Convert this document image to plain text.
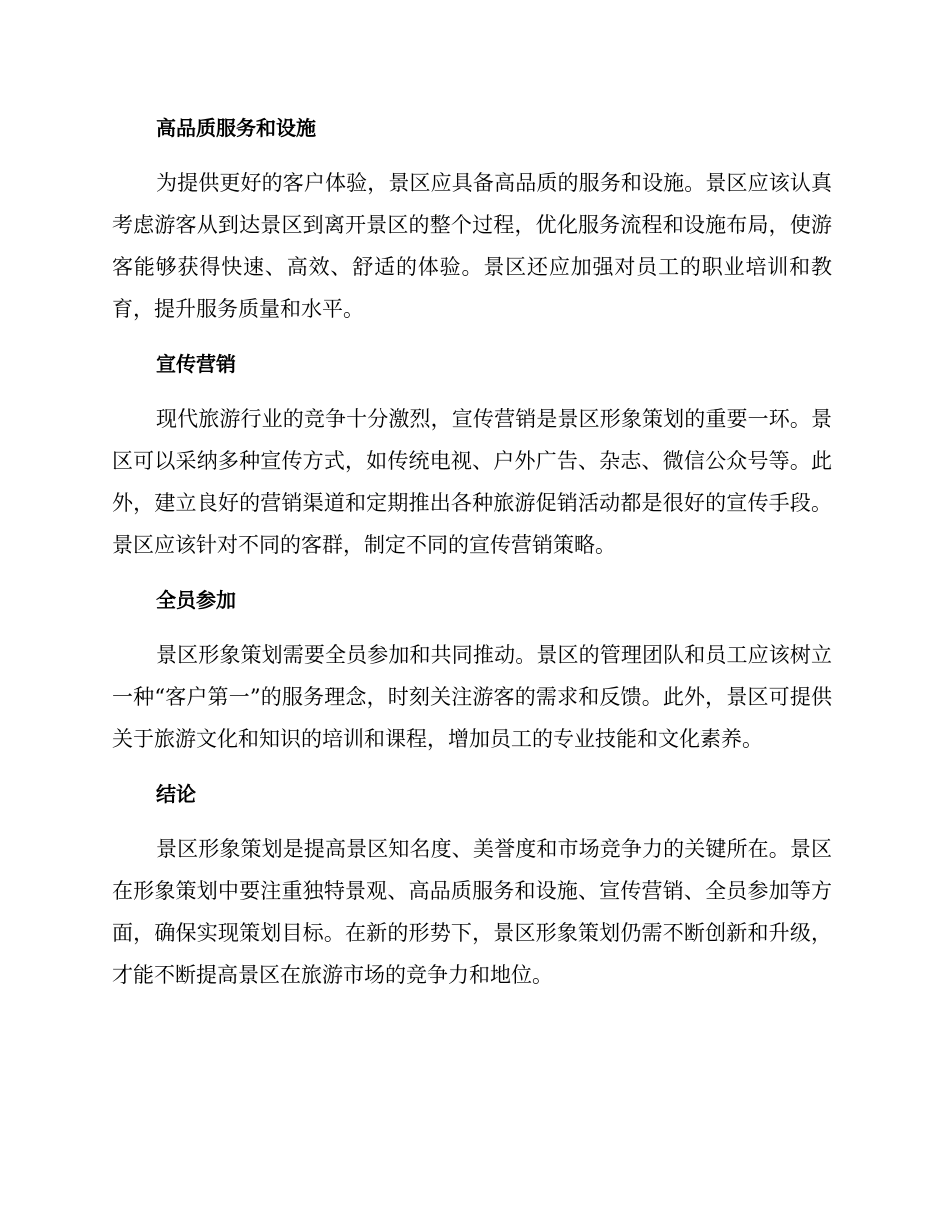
高品质服务和设施

为提供更好的客户体验，景区应具备高品质的服务和设施。景区应该认真考虑游客从到达景区到离开景区的整个过程，优化服务流程和设施布局，使游客能够获得快速、高效、舒适的体验。景区还应加强对员工的职业培训和教育，提升服务质量和水平。

宣传营销

现代旅游行业的竞争十分激烈，宣传营销是景区形象策划的重要一环。景区可以采纳多种宣传方式，如传统电视、户外广告、杂志、微信公众号等。此外，建立良好的营销渠道和定期推出各种旅游促销活动都是很好的宣传手段。景区应该针对不同的客群，制定不同的宣传营销策略。

全员参加

景区形象策划需要全员参加和共同推动。景区的管理团队和员工应该树立一种“客户第一”的服务理念，时刻关注游客的需求和反馈。此外，景区可提供关于旅游文化和知识的培训和课程，增加员工的专业技能和文化素养。

结论

景区形象策划是提高景区知名度、美誉度和市场竞争力的关键所在。景区在形象策划中要注重独特景观、高品质服务和设施、宣传营销、全员参加等方面，确保实现策划目标。在新的形势下，景区形象策划仍需不断创新和升级，才能不断提高景区在旅游市场的竞争力和地位。
